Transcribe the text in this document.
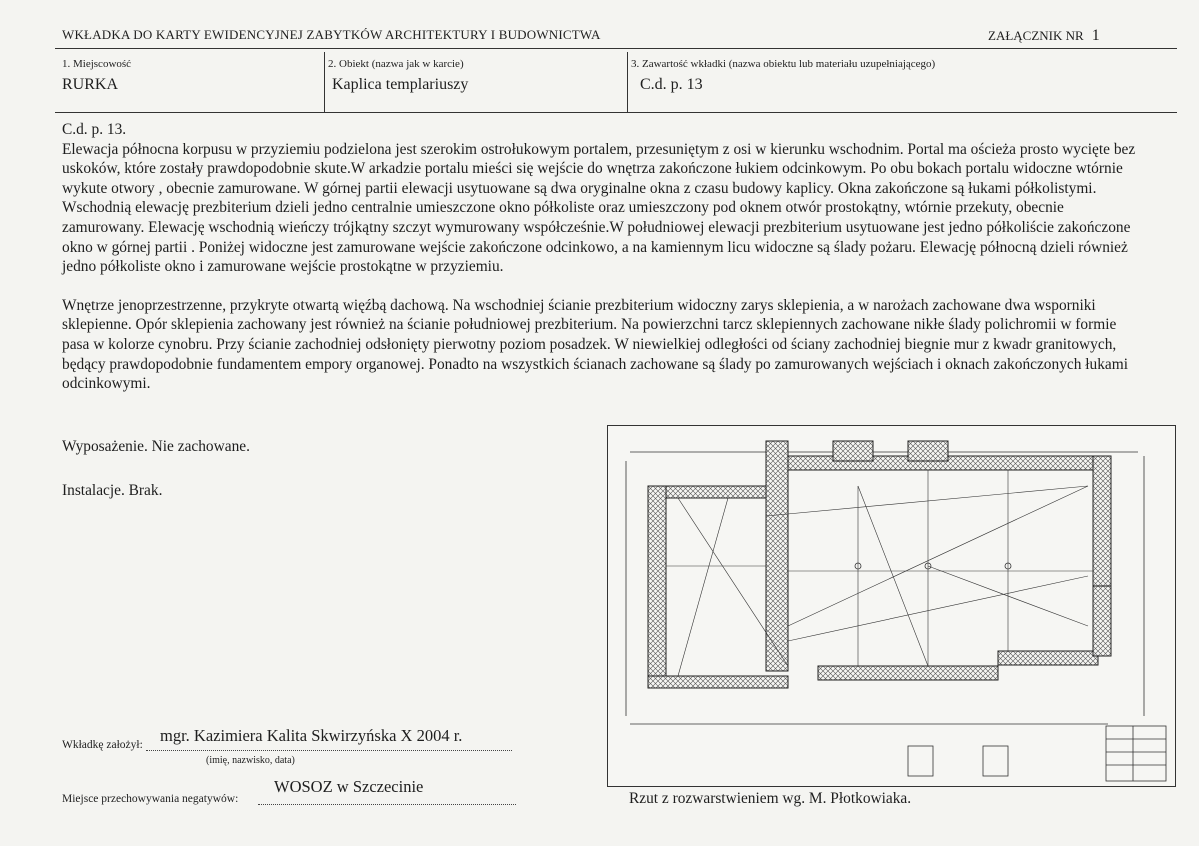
WKŁADKA DO KARTY EWIDENCYJNEJ ZABYTKÓW ARCHITEKTURY I BUDOWNICTWA	ZAŁĄCZNIK NR 1
1. Miejscowość
RURKA
2. Obiekt (nazwa jak w karcie)
Kaplica templariuszy
3. Zawartość wkładki (nazwa obiektu lub materiału uzupełniającego)
C.d. p. 13

C.d. p. 13.

Elewacja północna korpusu w przyziemiu podzielona jest szerokim ostrołukowym portalem, przesuniętym z osi w kierunku wschodnim. Portal ma ościeża prosto wycięte bez uskoków, które zostały prawdopodobnie skute.W arkadzie portalu mieści się wejście do wnętrza zakończone łukiem odcinkowym. Po obu bokach portalu widoczne wtórnie wykute otwory , obecnie zamurowane. W górnej partii elewacji usytuowane są dwa oryginalne okna z czasu budowy kaplicy. Okna zakończone są łukami półkolistymi. Wschodnią elewację prezbiterium dzieli jedno centralnie umieszczone okno półkoliste oraz umieszczony pod oknem otwór prostokątny, wtórnie przekuty, obecnie zamurowany. Elewację wschodnią wieńczy trójkątny szczyt wymurowany współcześnie.W południowej elewacji prezbiterium usytuowane jest jedno półkoliście zakończone okno w górnej partii . Poniżej widoczne jest zamurowane wejście zakończone odcinkowo, a na kamiennym licu widoczne są ślady pożaru. Elewację północną dzieli również jedno półkoliste okno i zamurowane wejście prostokątne w przyziemiu.

Wnętrze jenoprzestrzenne, przykryte otwartą więźbą dachową. Na wschodniej ścianie prezbiterium widoczny zarys sklepienia, a w narożach zachowane dwa wsporniki sklepienne. Opór sklepienia zachowany jest również na ścianie południowej prezbiterium. Na powierzchni tarcz sklepiennych zachowane nikłe ślady polichromii w formie pasa w kolorze cynobru. Przy ścianie zachodniej odsłonięty pierwotny poziom posadzek. W niewielkiej odległości od ściany zachodniej biegnie mur z kwadr granitowych, będący prawdopodobnie fundamentem empory organowej. Ponadto na wszystkich ścianach zachowane są ślady po zamurowanych wejściach i oknach zakończonych łukami odcinkowymi.

Wyposażenie. Nie zachowane.
Instalacje. Brak.
Wkładkę założył: mgr. Kazimiera Kalita Skwirzyńska X 2004 r.
(imię, nazwisko, data)
Miejsce przechowywania negatywów:
WOSOZ w Szczecinie
Rzut z rozwarstwieniem wg. M. Płotkowiaka.
